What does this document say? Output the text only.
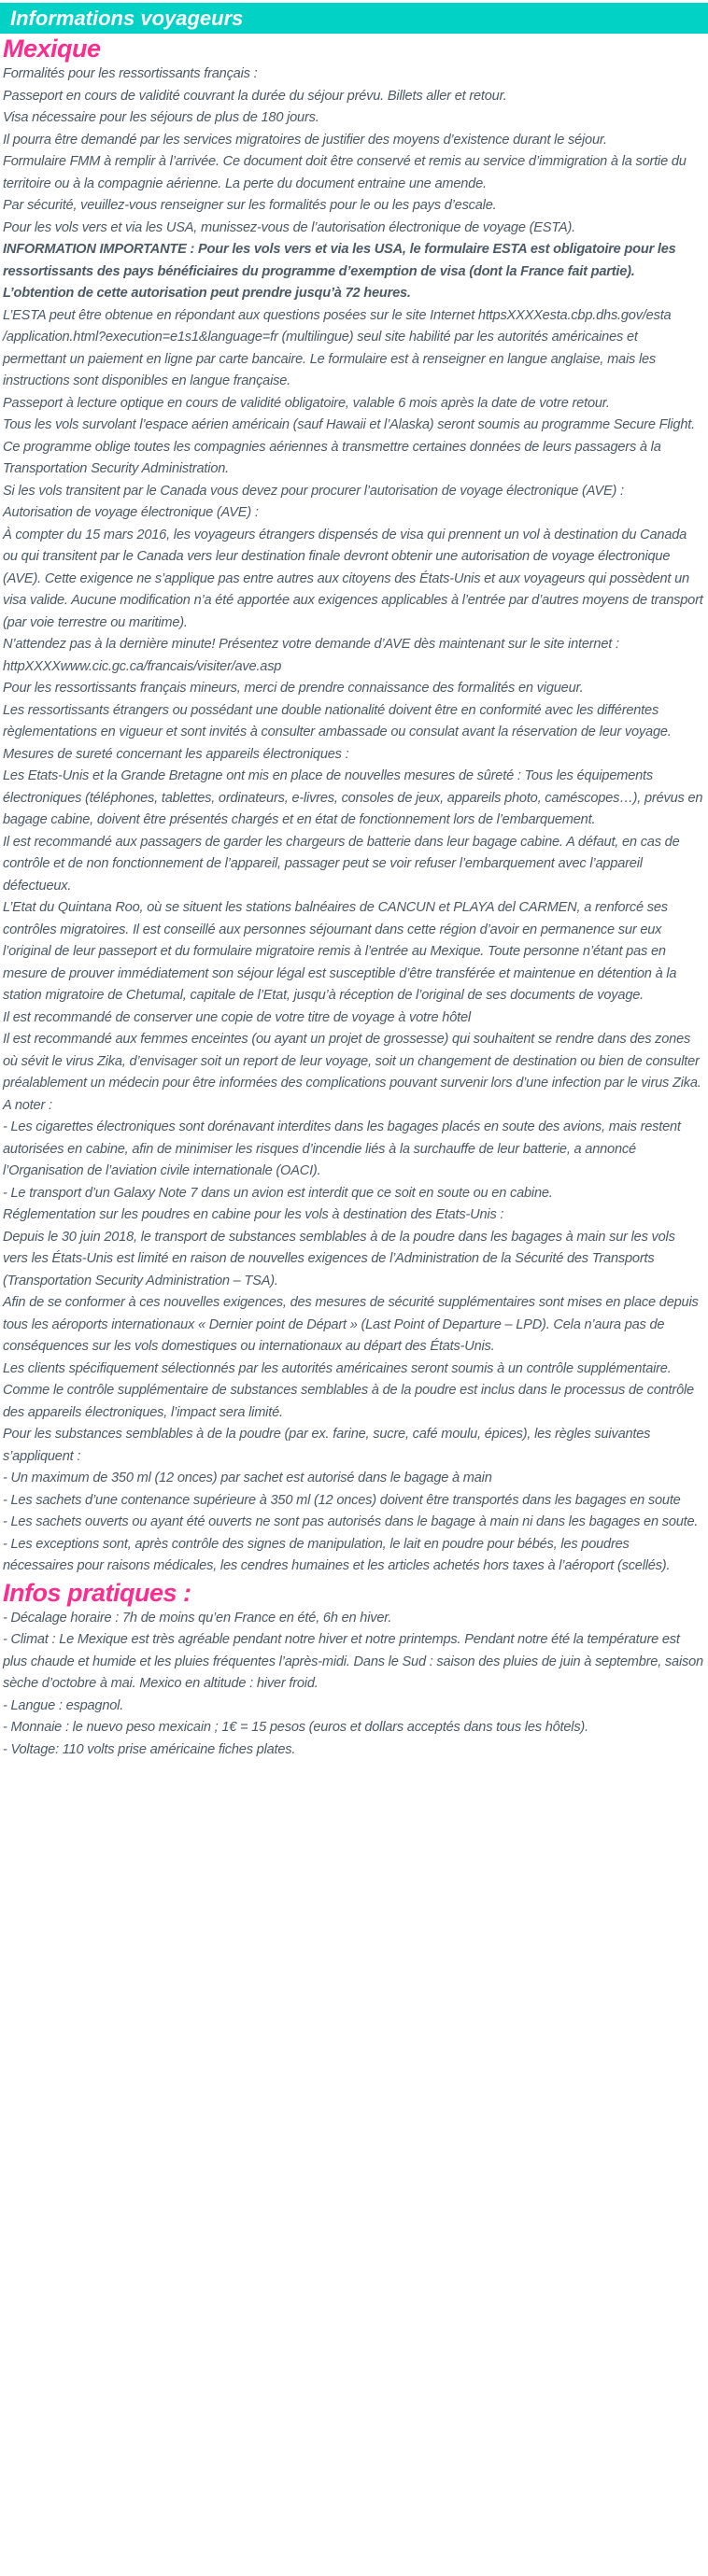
Informations voyageurs
Mexique

Formalités pour les ressortissants français :

Passeport en cours de validité couvrant la durée du séjour prévu. Billets aller et retour.
Visa nécessaire pour les séjours de plus de 180 jours.

Il pourra être demandé par les services migratoires de justifier des moyens d’existence durant le séjour.

Formulaire FMM à remplir à l’arrivée. Ce document doit être conservé et remis au service d’immigration à la sortie du territoire ou à la compagnie aérienne. La perte du document entraine une amende.

Par sécurité, veuillez-vous renseigner sur les formalités pour le ou les pays d’escale.

Pour les vols vers et via les USA, munissez-vous de l’autorisation électronique de voyage (ESTA).

INFORMATION IMPORTANTE : Pour les vols vers et via les USA, le formulaire ESTA est obligatoire pour les ressortissants des pays bénéficiaires du programme d’exemption de visa (dont la France fait partie). L’obtention de cette autorisation peut prendre jusqu’à 72 heures.

L’ESTA peut être obtenue en répondant aux questions posées sur le site Internet httpsXXXXesta.cbp.dhs.gov/esta /application.html?execution=e1s1&language=fr (multilingue) seul site habilité par les autorités américaines et permettant un paiement en ligne par carte bancaire. Le formulaire est à renseigner en langue anglaise, mais les instructions sont disponibles en langue française.

Passeport à lecture optique en cours de validité obligatoire, valable 6 mois après la date de votre retour.

Tous les vols survolant l’espace aérien américain (sauf Hawaii et l’Alaska) seront soumis au programme Secure Flight. Ce programme oblige toutes les compagnies aériennes à transmettre certaines données de leurs passagers à la Transportation Security Administration.

Si les vols transitent par le Canada vous devez pour procurer l’autorisation de voyage électronique (AVE) :

Autorisation de voyage électronique (AVE) :
À compter du 15 mars 2016, les voyageurs étrangers dispensés de visa qui prennent un vol à destination du Canada ou qui transitent par le Canada vers leur destination finale devront obtenir une autorisation de voyage électronique (AVE). Cette exigence ne s’applique pas entre autres aux citoyens des États-Unis et aux voyageurs qui possèdent un visa valide. Aucune modification n’a été apportée aux exigences applicables à l’entrée par d’autres moyens de transport (par voie terrestre ou maritime).
N’attendez pas à la dernière minute! Présentez votre demande d’AVE dès maintenant sur le site internet : httpXXXXwww.cic.gc.ca/francais/visiter/ave.asp

Pour les ressortissants français mineurs, merci de prendre connaissance des formalités en vigueur.

Les ressortissants étrangers ou possédant une double nationalité doivent être en conformité avec les différentes règlementations en vigueur et sont invités à consulter ambassade ou consulat avant la réservation de leur voyage.

Mesures de sureté concernant les appareils électroniques :
Les Etats-Unis et la Grande Bretagne ont mis en place de nouvelles mesures de sûreté : Tous les équipements électroniques (téléphones, tablettes, ordinateurs, e-livres, consoles de jeux, appareils photo, caméscopes…), prévus en bagage cabine, doivent être présentés chargés et en état de fonctionnement lors de l’embarquement.
Il est recommandé aux passagers de garder les chargeurs de batterie dans leur bagage cabine. A défaut, en cas de contrôle et de non fonctionnement de l’appareil, passager peut se voir refuser l’embarquement avec l’appareil défectueux.

L’Etat du Quintana Roo, où se situent les stations balnéaires de CANCUN et PLAYA del CARMEN, a renforcé ses contrôles migratoires. Il est conseillé aux personnes séjournant dans cette région d’avoir en permanence sur eux l’original de leur passeport et du formulaire migratoire remis à l’entrée au Mexique. Toute personne n’étant pas en mesure de prouver immédiatement son séjour légal est susceptible d’être transférée et maintenue en détention à la station migratoire de Chetumal, capitale de l’Etat, jusqu’à réception de l’original de ses documents de voyage.
Il est recommandé de conserver une copie de votre titre de voyage à votre hôtel

Il est recommandé aux femmes enceintes (ou ayant un projet de grossesse) qui souhaitent se rendre dans des zones où sévit le virus Zika, d’envisager soit un report de leur voyage, soit un changement de destination ou bien de consulter préalablement un médecin pour être informées des complications pouvant survenir lors d’une infection par le virus Zika.

A noter :

- Les cigarettes électroniques sont dorénavant interdites dans les bagages placés en soute des avions, mais restent autorisées en cabine, afin de minimiser les risques d’incendie liés à la surchauffe de leur batterie, a annoncé l’Organisation de l’aviation civile internationale (OACI).

- Le transport d’un Galaxy Note 7 dans un avion est interdit que ce soit en soute ou en cabine.

Réglementation sur les poudres en cabine pour les vols à destination des Etats-Unis :
Depuis le 30 juin 2018, le transport de substances semblables à de la poudre dans les bagages à main sur les vols vers les États-Unis est limité en raison de nouvelles exigences de l’Administration de la Sécurité des Transports (Transportation Security Administration – TSA).
Afin de se conformer à ces nouvelles exigences, des mesures de sécurité supplémentaires sont mises en place depuis tous les aéroports internationaux « Dernier point de Départ » (Last Point of Departure – LPD). Cela n’aura pas de conséquences sur les vols domestiques ou internationaux au départ des États-Unis.
Les clients spécifiquement sélectionnés par les autorités américaines seront soumis à un contrôle supplémentaire.
Comme le contrôle supplémentaire de substances semblables à de la poudre est inclus dans le processus de contrôle des appareils électroniques, l’impact sera limité.
Pour les substances semblables à de la poudre (par ex. farine, sucre, café moulu, épices), les règles suivantes s’appliquent :
- Un maximum de 350 ml (12 onces) par sachet est autorisé dans le bagage à main
- Les sachets d’une contenance supérieure à 350 ml (12 onces) doivent être transportés dans les bagages en soute
- Les sachets ouverts ou ayant été ouverts ne sont pas autorisés dans le bagage à main ni dans les bagages en soute.
- Les exceptions sont, après contrôle des signes de manipulation, le lait en poudre pour bébés, les poudres nécessaires pour raisons médicales, les cendres humaines et les articles achetés hors taxes à l’aéroport (scellés).

Infos pratiques :

- Décalage horaire : 7h de moins qu’en France en été, 6h en hiver.
- Climat : Le Mexique est très agréable pendant notre hiver et notre printemps. Pendant notre été la température est plus chaude et humide et les pluies fréquentes l’après-midi. Dans le Sud : saison des pluies de juin à septembre, saison sèche d’octobre à mai. Mexico en altitude : hiver froid.
- Langue : espagnol.
- Monnaie : le nuevo peso mexicain ; 1€ = 15 pesos (euros et dollars acceptés dans tous les hôtels).
- Voltage: 110 volts prise américaine fiches plates.
